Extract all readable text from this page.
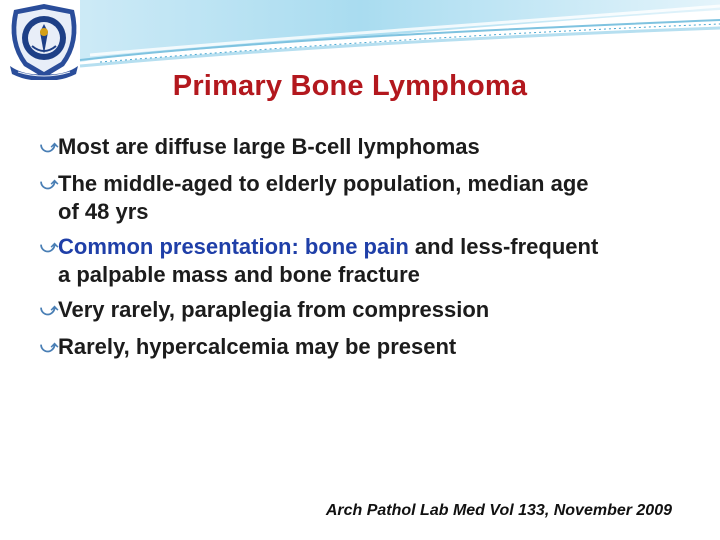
Primary Bone Lymphoma
⤻ Most are diffuse large B-cell lymphomas
⤻ The middle-aged to elderly population, median age
of 48 yrs
⤻ Common presentation: bone pain and less-frequent
a palpable mass and bone fracture
⤻ Very rarely, paraplegia from compression
⤻ Rarely, hypercalcemia may be present
Arch Pathol Lab Med Vol 133, November 2009
